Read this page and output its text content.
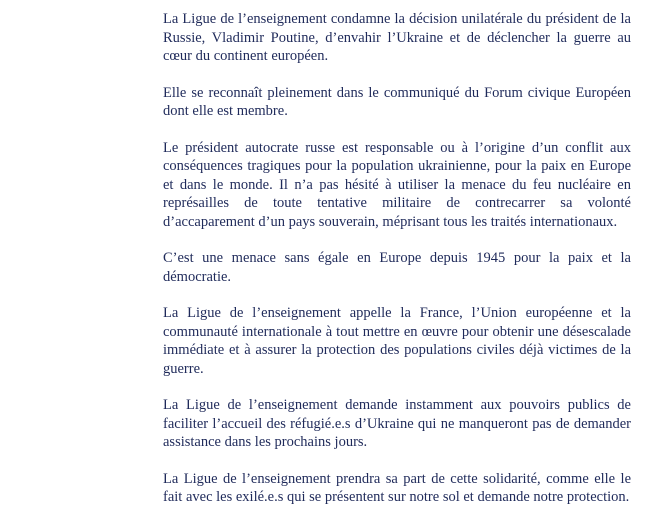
La Ligue de l’enseignement condamne la décision unilatérale du président de la Russie, Vladimir Poutine, d’envahir l’Ukraine et de déclencher la guerre au cœur du continent européen.

Elle se reconnaît pleinement dans le communiqué du Forum civique Européen dont elle est membre.

Le président autocrate russe est responsable ou à l’origine d’un conflit aux conséquences tragiques pour la population ukrainienne, pour la paix en Europe et dans le monde. Il n’a pas hésité à utiliser la menace du feu nucléaire en représailles de toute tentative militaire de contrecarrer sa volonté d’accaparement d’un pays souverain, méprisant tous les traités internationaux.

C’est une menace sans égale en Europe depuis 1945 pour la paix et la démocratie.

La Ligue de l’enseignement appelle la France, l’Union européenne et la communauté internationale à tout mettre en œuvre pour obtenir une désescalade immédiate et à assurer la protection des populations civiles déjà victimes de la guerre.

La Ligue de l’enseignement demande instamment aux pouvoirs publics de faciliter l’accueil des réfugié.e.s d’Ukraine qui ne manqueront pas de demander assistance dans les prochains jours.

La Ligue de l’enseignement prendra sa part de cette solidarité, comme elle le fait avec les exilé.e.s qui se présentent sur notre sol et demande notre protection.
